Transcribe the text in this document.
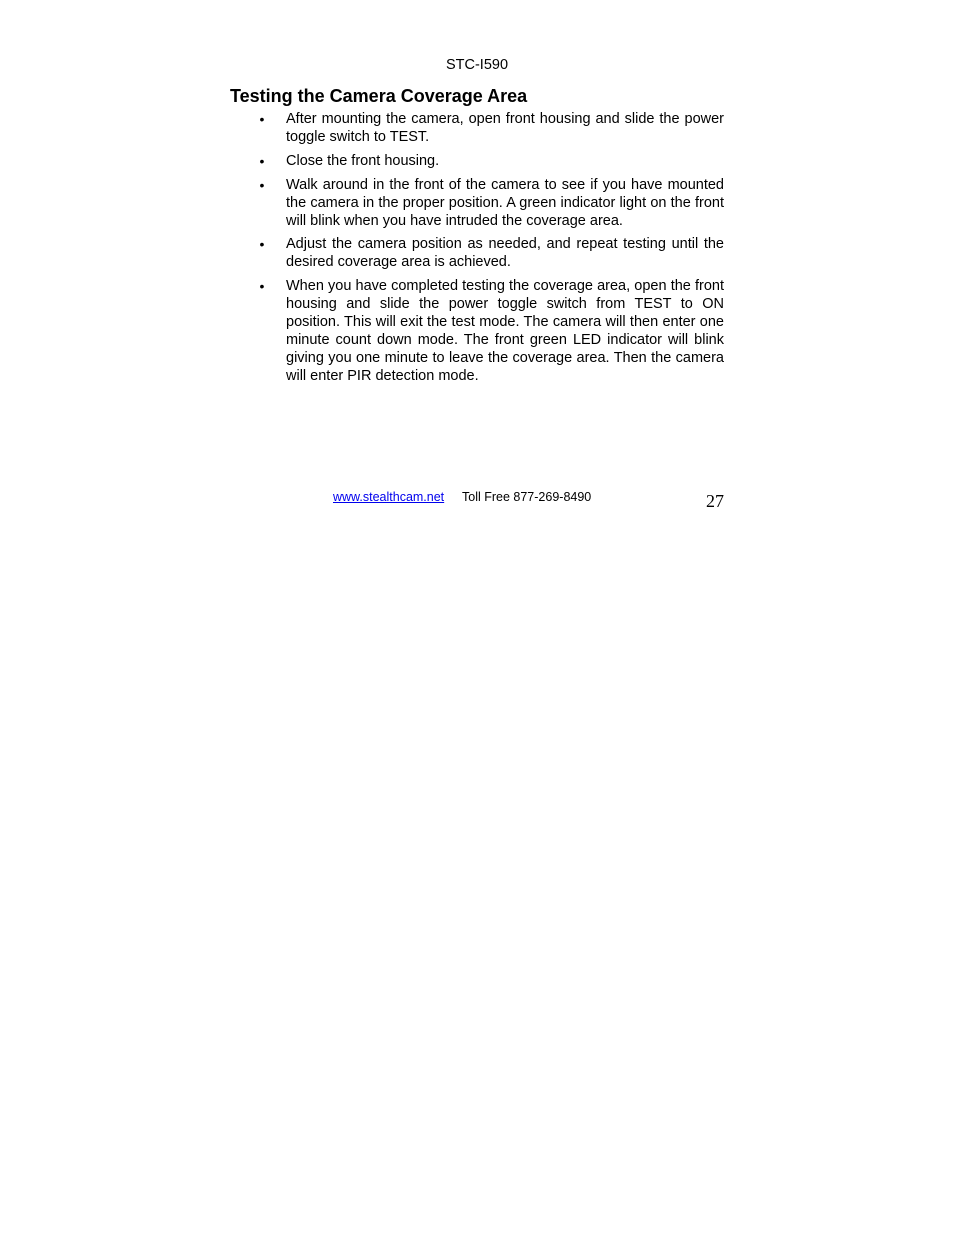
STC-I590
Testing the Camera Coverage Area
• After mounting the camera, open front housing and slide the power toggle switch to TEST.
• Close the front housing.
• Walk around in the front of the camera to see if you have mounted the camera in the proper position. A green indicator light on the front will blink when you have intruded the coverage area.
• Adjust the camera position as needed, and repeat testing until the desired coverage area is achieved.
• When you have completed testing the coverage area, open the front housing and slide the power toggle switch from TEST to ON position. This will exit the test mode. The camera will then enter one minute count down mode. The front green LED indicator will blink giving you one minute to leave the coverage area. Then the camera will enter PIR detection mode.
www.stealthcam.net Toll Free 877-269-8490	27
